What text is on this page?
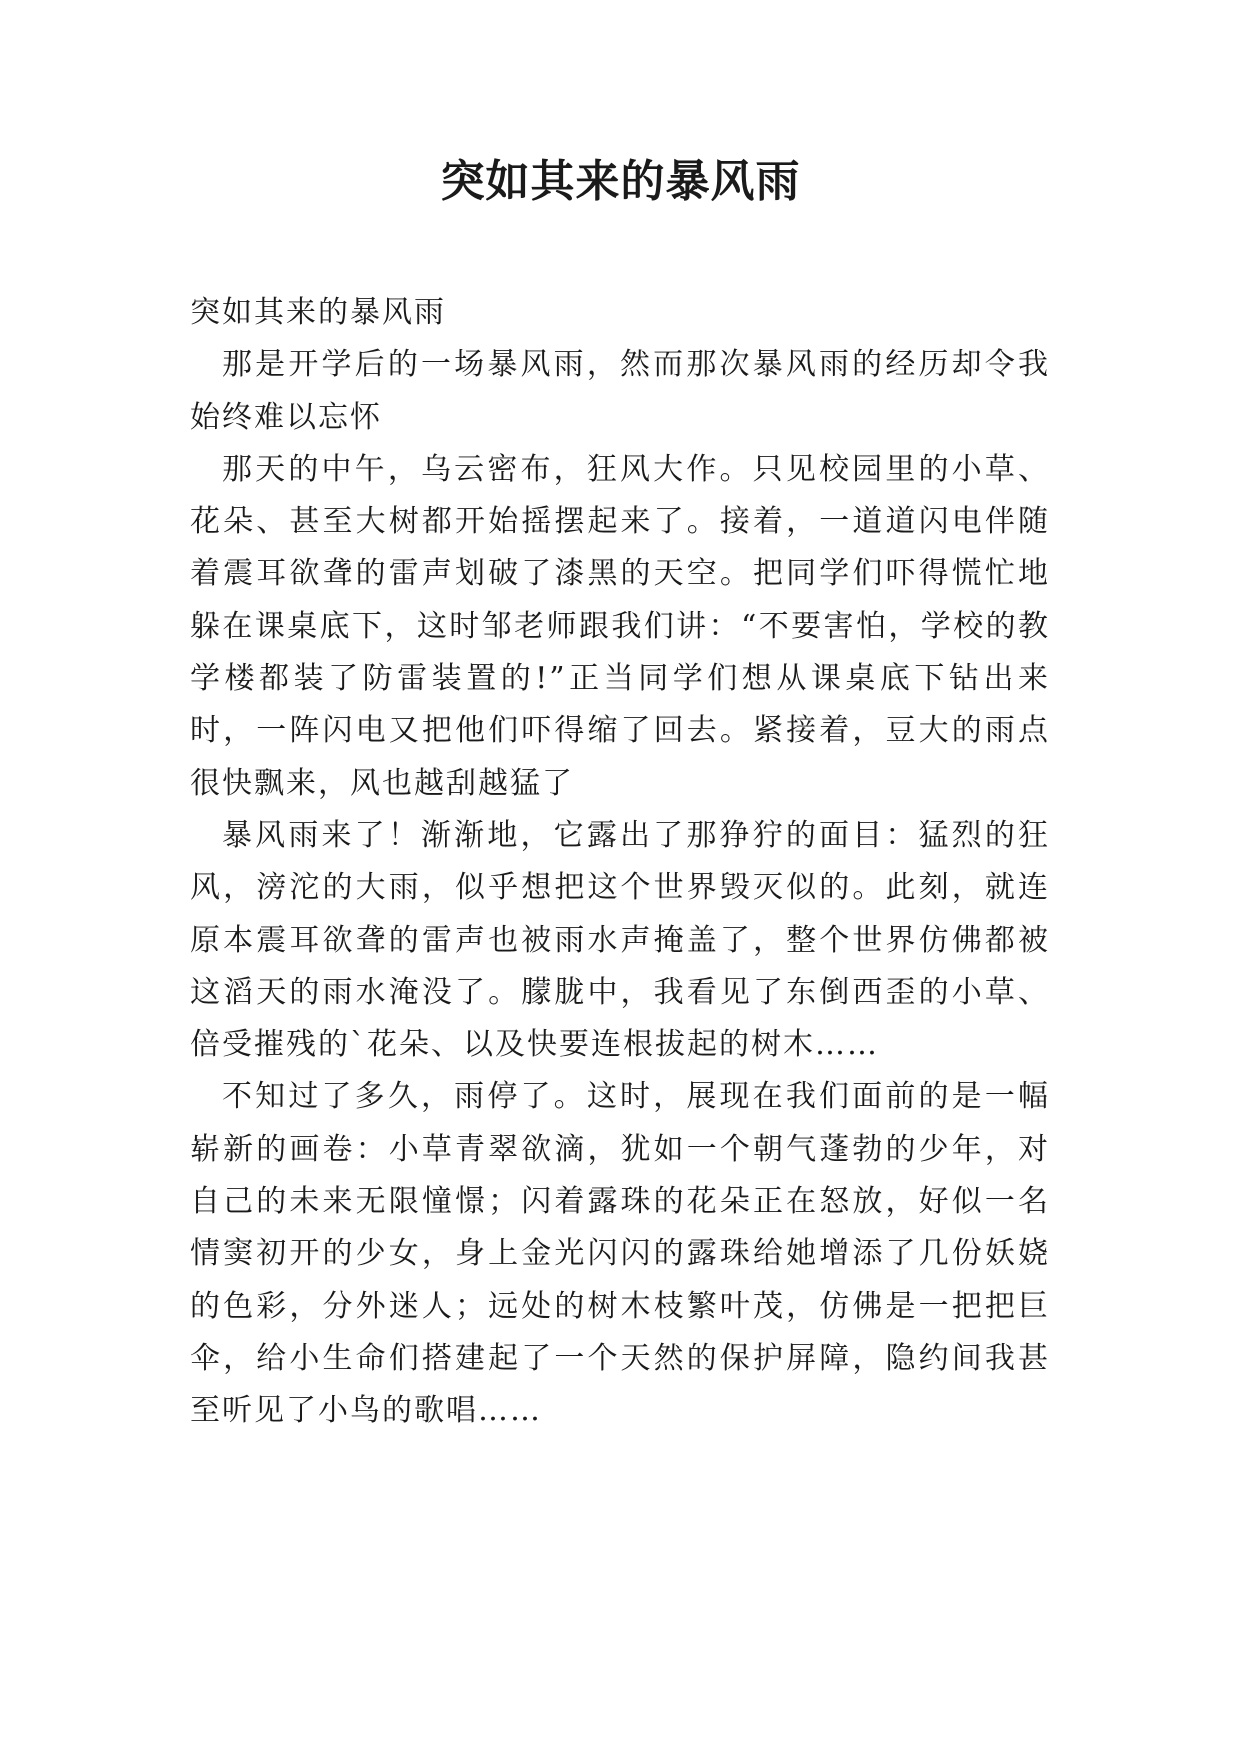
突如其来的暴风雨

突如其来的暴风雨

那是开学后的一场暴风雨，然而那次暴风雨的经历却令我始终难以忘怀

那天的中午，乌云密布，狂风大作。只见校园里的小草、花朵、甚至大树都开始摇摆起来了。接着，一道道闪电伴随着震耳欲聋的雷声划破了漆黑的天空。把同学们吓得慌忙地躲在课桌底下，这时邹老师跟我们讲：“不要害怕，学校的教学楼都装了防雷装置的!”正当同学们想从课桌底下钻出来时，一阵闪电又把他们吓得缩了回去。紧接着，豆大的雨点很快飘来，风也越刮越猛了

暴风雨来了！渐渐地，它露出了那狰狞的面目：猛烈的狂风，滂沱的大雨，似乎想把这个世界毁灭似的。此刻，就连原本震耳欲聋的雷声也被雨水声掩盖了，整个世界仿佛都被这滔天的雨水淹没了。朦胧中，我看见了东倒西歪的小草、倍受摧残的`花朵、以及快要连根拔起的树木……

不知过了多久，雨停了。这时，展现在我们面前的是一幅崭新的画卷：小草青翠欲滴，犹如一个朝气蓬勃的少年，对自己的未来无限憧憬；闪着露珠的花朵正在怒放，好似一名情窦初开的少女，身上金光闪闪的露珠给她增添了几份妖娆的色彩，分外迷人；远处的树木枝繁叶茂，仿佛是一把把巨伞，给小生命们搭建起了一个天然的保护屏障，隐约间我甚至听见了小鸟的歌唱……
